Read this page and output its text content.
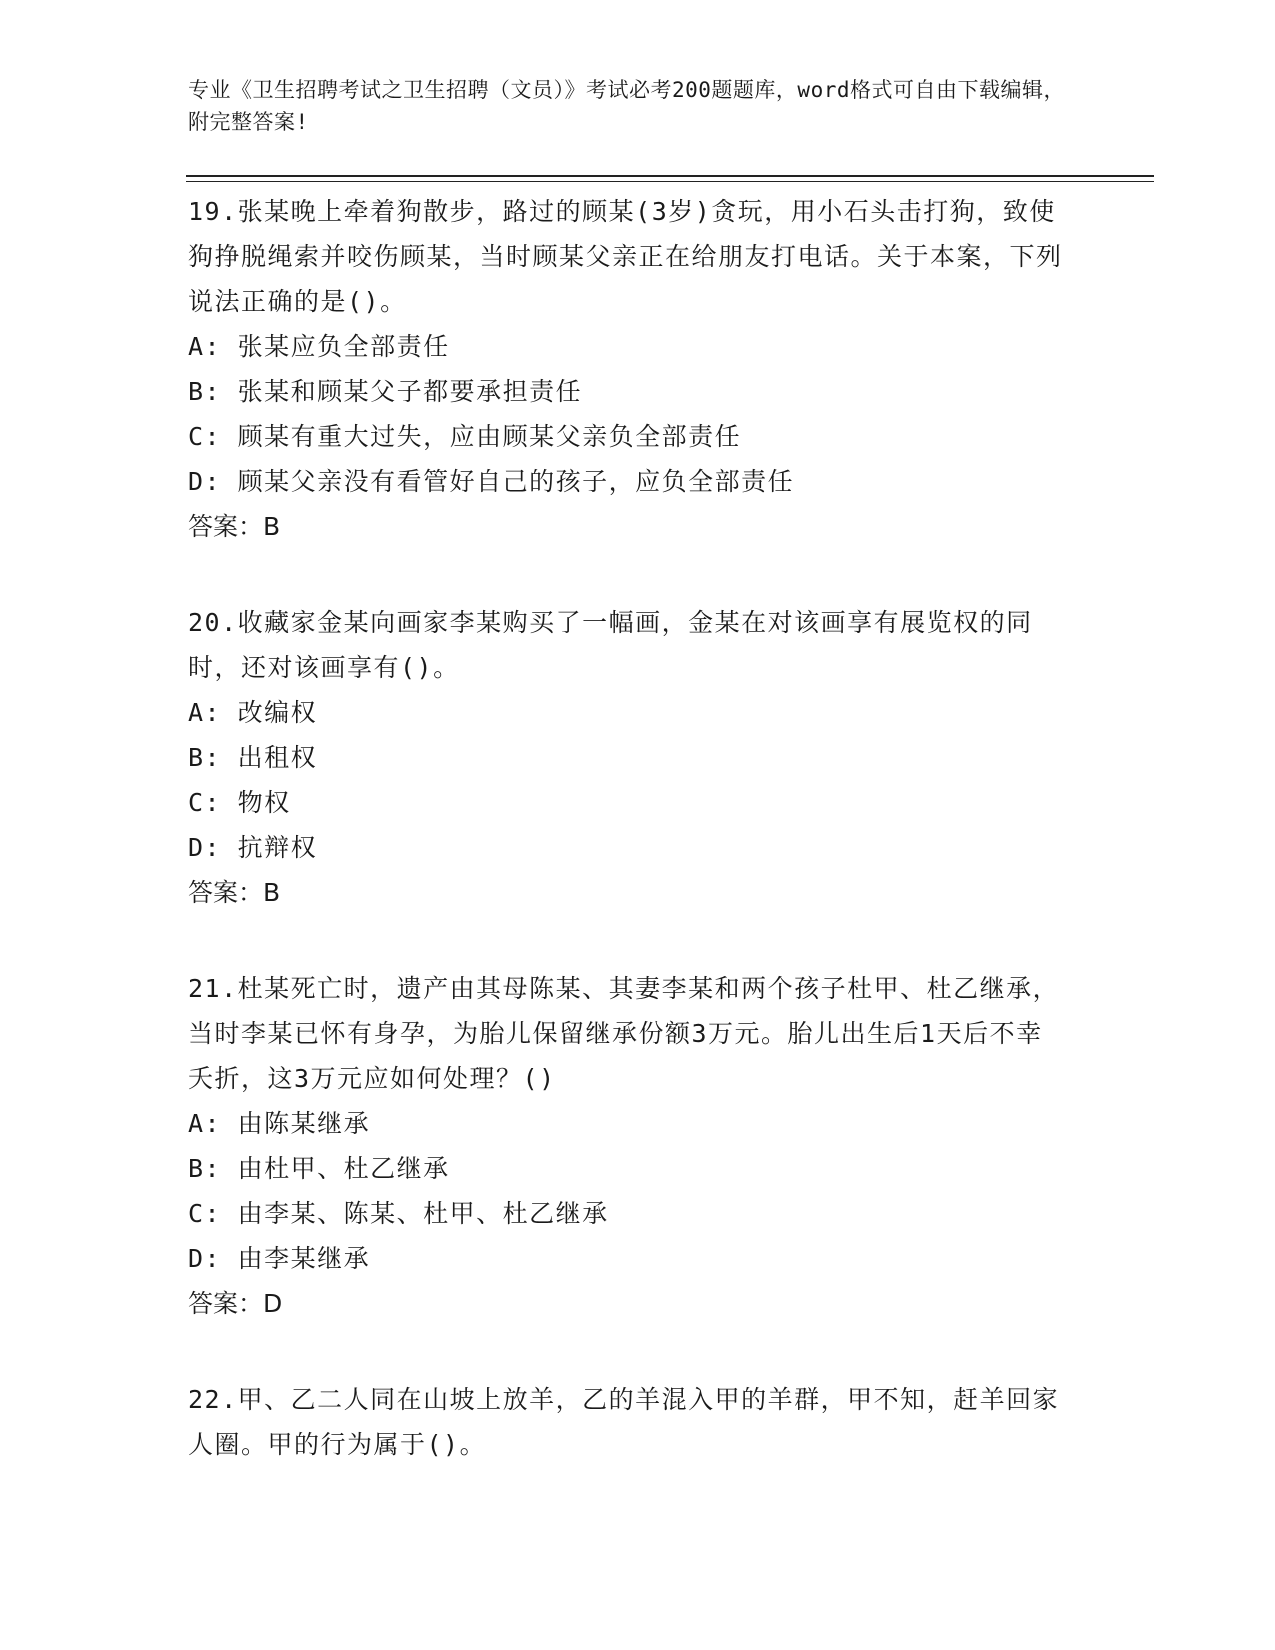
专业《卫生招聘考试之卫生招聘（文员）》考试必考200题题库，word格式可自由下载编辑，附完整答案!
19.张某晚上牵着狗散步，路过的顾某(3岁)贪玩，用小石头击打狗，致使狗挣脱绳索并咬伤顾某，当时顾某父亲正在给朋友打电话。关于本案，下列说法正确的是()。
A: 张某应负全部责任
B: 张某和顾某父子都要承担责任
C: 顾某有重大过失，应由顾某父亲负全部责任
D: 顾某父亲没有看管好自己的孩子，应负全部责任
答案：B
20.收藏家金某向画家李某购买了一幅画，金某在对该画享有展览权的同时，还对该画享有()。
A: 改编权
B: 出租权
C: 物权
D: 抗辩权
答案：B
21.杜某死亡时，遗产由其母陈某、其妻李某和两个孩子杜甲、杜乙继承，当时李某已怀有身孕，为胎儿保留继承份额3万元。胎儿出生后1天后不幸夭折，这3万元应如何处理？()
A: 由陈某继承
B: 由杜甲、杜乙继承
C: 由李某、陈某、杜甲、杜乙继承
D: 由李某继承
答案：D
22.甲、乙二人同在山坡上放羊，乙的羊混入甲的羊群，甲不知，赶羊回家人圈。甲的行为属于()。
